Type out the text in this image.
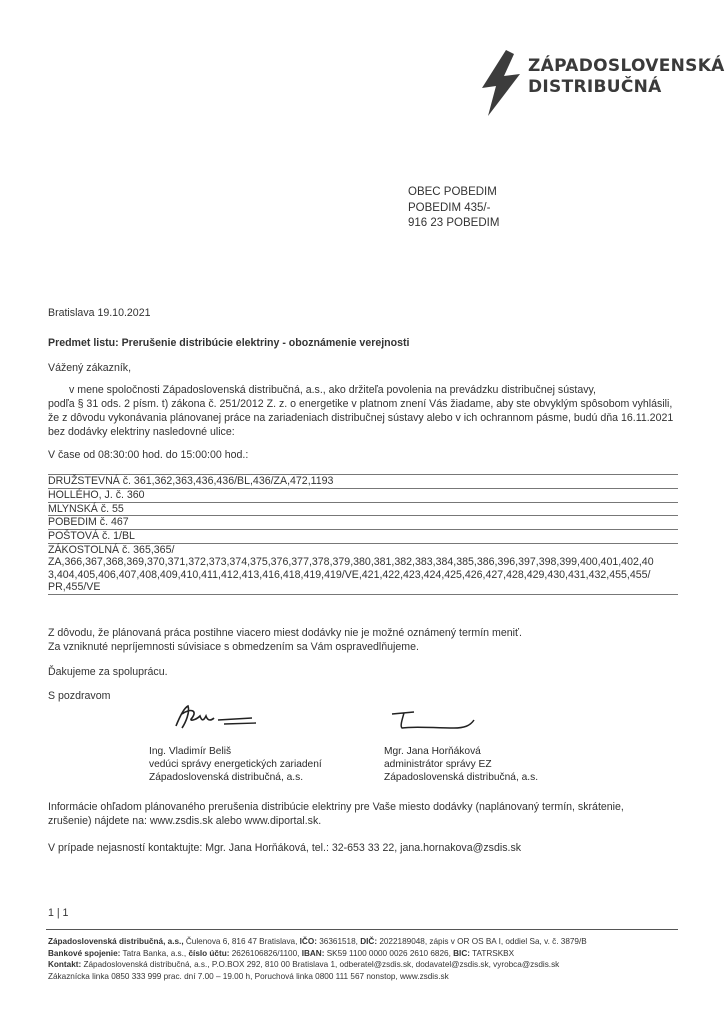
ZÁPADOSLOVENSKÁ
DISTRIBUČNÁ
OBEC POBEDIM
POBEDIM 435/-
916 23 POBEDIM
Bratislava 19.10.2021
Predmet listu: Prerušenie distribúcie elektriny - oboznámenie verejnosti
Vážený zákazník,
v mene spoločnosti Západoslovenská distribučná, a.s., ako držiteľa povolenia na prevádzku distribučnej sústavy,
podľa § 31 ods. 2 písm. t) zákona č. 251/2012 Z. z. o energetike v platnom znení Vás žiadame, aby ste obvyklým spôsobom vyhlásili,
že z dôvodu vykonávania plánovanej práce na zariadeniach distribučnej sústavy alebo v ich ochrannom pásme, budú dňa 16.11.2021
bez dodávky elektriny nasledovné ulice:
V čase od 08:30:00 hod. do 15:00:00 hod.:
DRUŽSTEVNÁ č. 361,362,363,436,436/BL,436/ZA,472,1193
HOLLÉHO, J. č. 360
MLYNSKÁ č. 55
POBEDIM č. 467
POŠTOVÁ č. 1/BL
ZÁKOSTOLNÁ č. 365,365/
ZA,366,367,368,369,370,371,372,373,374,375,376,377,378,379,380,381,382,383,384,385,386,396,397,398,399,400,401,402,40
3,404,405,406,407,408,409,410,411,412,413,416,418,419,419/VE,421,422,423,424,425,426,427,428,429,430,431,432,455,455/
PR,455/VE
Z dôvodu, že plánovaná práca postihne viacero miest dodávky nie je možné oznámený termín meniť.
Za vzniknuté nepríjemnosti súvisiace s obmedzením sa Vám ospravedlňujeme.
Ďakujeme za spoluprácu.
S pozdravom
Ing. Vladimír Beliš
vedúci správy energetických zariadení
Západoslovenská distribučná, a.s.
Mgr. Jana Horňáková
administrátor správy EZ
Západoslovenská distribučná, a.s.
Informácie ohľadom plánovaného prerušenia distribúcie elektriny pre Vaše miesto dodávky (naplánovaný termín, skrátenie,
zrušenie) nájdete na: www.zsdis.sk alebo www.diportal.sk.
V prípade nejasností kontaktujte: Mgr. Jana Horňáková, tel.: 32-653 33 22, jana.hornakova@zsdis.sk
1 | 1
Západoslovenská distribučná, a.s., Čulenova 6, 816 47 Bratislava, IČO: 36361518, DIČ: 2022189048, zápis v OR OS BA I, oddiel Sa, v. č. 3879/B
Bankové spojenie: Tatra Banka, a.s., číslo účtu: 2626106826/1100, IBAN: SK59 1100 0000 0026 2610 6826, BIC: TATRSKBX
Kontakt: Západoslovenská distribučná, a.s., P.O.BOX 292, 810 00 Bratislava 1, odberatel@zsdis.sk, dodavatel@zsdis.sk, vyrobca@zsdis.sk
Zákaznícka linka 0850 333 999 prac. dní 7.00 – 19.00 h, Poruchová linka 0800 111 567 nonstop, www.zsdis.sk
